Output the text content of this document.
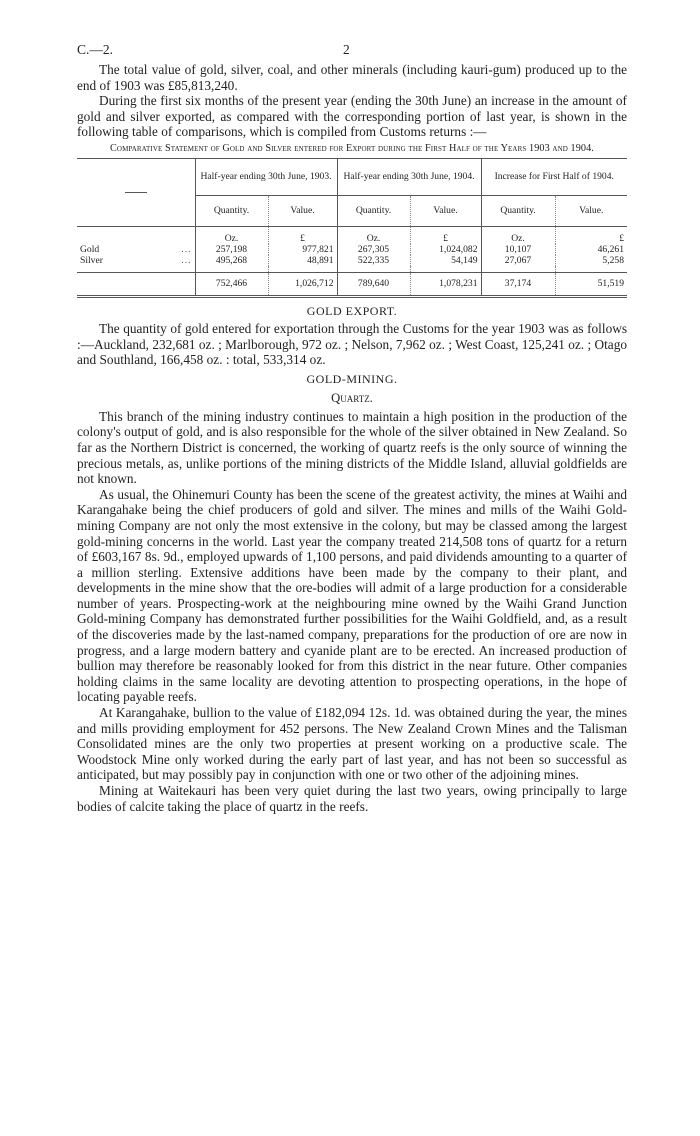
C.—2.	2

The total value of gold, silver, coal, and other minerals (including kauri-gum) produced up to the end of 1903 was £85,813,240.

During the first six months of the present year (ending the 30th June) an increase in the amount of gold and silver exported, as compared with the corresponding portion of last year, is shown in the following table of comparisons, which is compiled from Customs returns :—

Comparative Statement of Gold and Silver entered for Export during the First Half of the Years 1903 and 1904.
		Half-year ending 30th June, 1903.		Half-year ending 30th June, 1904.		Increase for First Half of 1904.	
		Quantity.	Value.	Quantity.	Value.	Quantity.	Value.
		Oz.	£	Oz.	£	Oz.	£
Gold	...	257,198	977,821	267,305	1,024,082	10,107	46,261
Silver	...	495,268	48,891	522,335	54,149	27,067	5,258

		752,466	1,026,712	789,640	1,078,231	37,174	51,519
GOLD EXPORT.

The quantity of gold entered for exportation through the Customs for the year 1903 was as follows :—Auckland, 232,681 oz. ; Marlborough, 972 oz. ; Nelson, 7,962 oz. ; West Coast, 125,241 oz. ; Otago and Southland, 166,458 oz. : total, 533,314 oz.

GOLD-MINING.
Quartz.

This branch of the mining industry continues to maintain a high position in the production of the colony's output of gold, and is also responsible for the whole of the silver obtained in New Zealand. So far as the Northern District is concerned, the working of quartz reefs is the only source of winning the precious metals, as, unlike portions of the mining districts of the Middle Island, alluvial goldfields are not known.

As usual, the Ohinemuri County has been the scene of the greatest activity, the mines at Waihi and Karangahake being the chief producers of gold and silver. The mines and mills of the Waihi Gold-mining Company are not only the most extensive in the colony, but may be classed among the largest gold-mining concerns in the world. Last year the company treated 214,508 tons of quartz for a return of £603,167 8s. 9d., employed upwards of 1,100 persons, and paid dividends amounting to a quarter of a million sterling. Extensive additions have been made by the company to their plant, and developments in the mine show that the ore-bodies will admit of a large production for a considerable number of years. Prospecting-work at the neighbouring mine owned by the Waihi Grand Junction Gold-mining Company has demonstrated further possibilities for the Waihi Goldfield, and, as a result of the discoveries made by the last-named company, preparations for the production of ore are now in progress, and a large modern battery and cyanide plant are to be erected. An increased production of bullion may therefore be reasonably looked for from this district in the near future. Other companies holding claims in the same locality are devoting attention to prospecting operations, in the hope of locating payable reefs.

At Karangahake, bullion to the value of £182,094 12s. 1d. was obtained during the year, the mines and mills providing employment for 452 persons. The New Zealand Crown Mines and the Talisman Consolidated mines are the only two properties at present working on a productive scale. The Woodstock Mine only worked during the early part of last year, and has not been so successful as anticipated, but may possibly pay in conjunction with one or two other of the adjoining mines.

Mining at Waitekauri has been very quiet during the last two years, owing principally to large bodies of calcite taking the place of quartz in the reefs.
